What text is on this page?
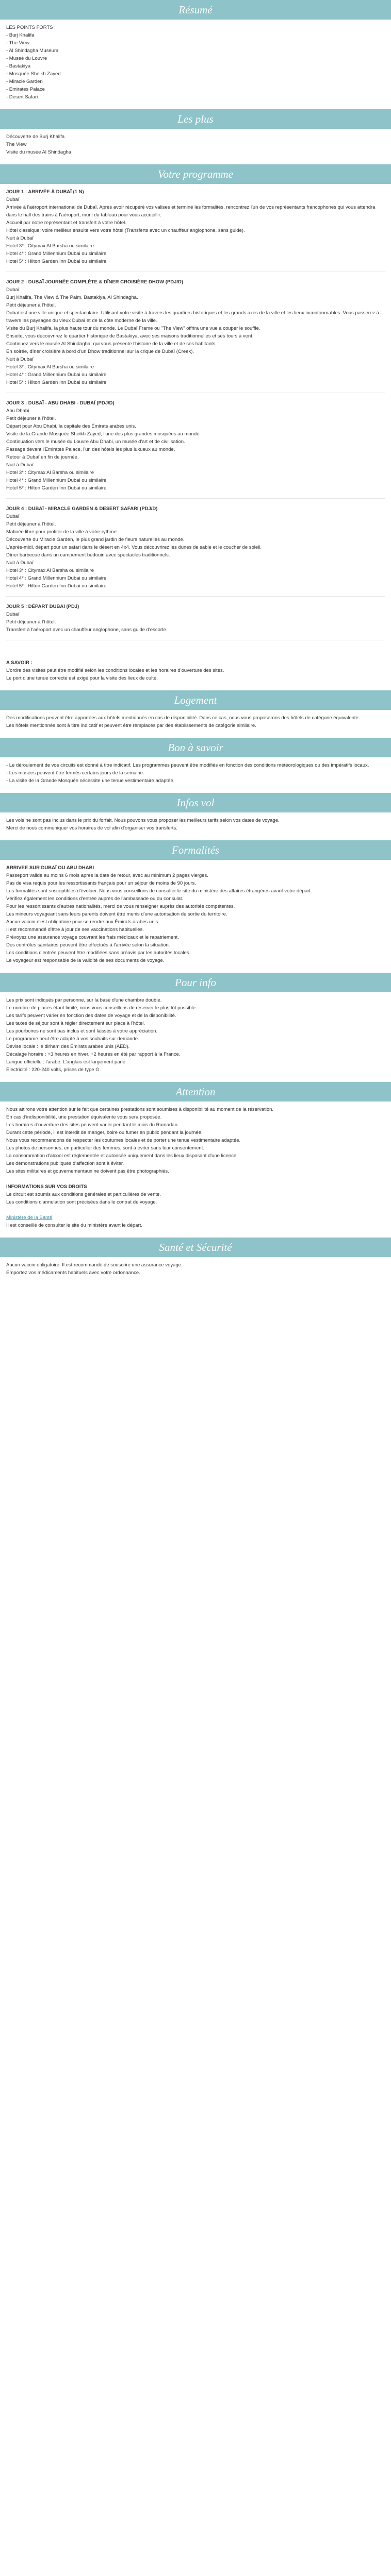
Résumé

LES POINTS FORTS :

- Burj Khalifa

- The View

- Al Shindagha Museum

- Museé du Louvre

- Bastakiya

- Mosquée Sheikh Zayed

- Miracle Garden

- Emirates Palace

- Desert Safari

Les plus

Découverte de Burj Khalifa

The View

Visite du musée Al Shindagha

Votre programme

JOUR 1 : ARRIVÉE À DUBAÏ (1 N)

Dubaï

Arrivée à l'aéroport international de Dubaï. Après avoir récupéré vos valises et terminé les formalités, rencontrez l'un de vos représentants francophones qui vous attendra dans le hall des trains à l'aéroport, muni du tableau pour vous accueillir.

Accueil par notre représentant et transfert à votre hôtel.

Hôtel classique: voire meilleur ensuite vers votre hôtel (Transferts avec un chauffeur anglophone, sans guide).

Nuit à Dubaï

Hotel 3* : Citymax Al Barsha ou similaire

Hotel 4* : Grand Millennium Dubai ou similaire

Hotel 5* : Hilton Garden Inn Dubai ou similaire

JOUR 2 : DUBAÏ JOURNÉE COMPLÈTE & DÎNER CROISIÈRE DHOW (PDJ/D)

Dubaï

Burj Khalifa, The View & The Palm, Bastakiya, Al Shindagha.

Petit déjeuner à l'hôtel.

Dubaï est une ville unique et spectaculaire. Utilisant votre visite à travers les quartiers historiques et les grands axes de la ville et les lieux incontournables. Vous passerez à travers les paysages du vieux Dubaï et de la côte moderne de la ville.

Visite du Burj Khalifa, la plus haute tour du monde. Le Dubaï Frame ou "The View" offrira une vue à couper le souffle.

Ensuite, vous découvrirez le quartier historique de Bastakiya, avec ses maisons traditionnelles et ses tours à vent.

Continuez vers le musée Al Shindagha, qui vous présente l'histoire de la ville et de ses habitants.

En soirée, dîner croisière à bord d'un Dhow traditionnel sur la crique de Dubaï (Creek).

Nuit à Dubaï

Hotel 3* : Citymax Al Barsha ou similaire

Hotel 4* : Grand Millennium Dubai ou similaire

Hotel 5* : Hilton Garden Inn Dubai ou similaire

JOUR 3 : DUBAÏ - ABU DHABI - DUBAÏ (PDJ/D)

Abu Dhabi

Petit déjeuner à l'hôtel.

Départ pour Abu Dhabi, la capitale des Émirats arabes unis.

Visite de la Grande Mosquée Sheikh Zayed, l'une des plus grandes mosquées au monde.

Continuation vers le musée du Louvre Abu Dhabi, un musée d'art et de civilisation.

Passage devant l'Emirates Palace, l'un des hôtels les plus luxueux au monde.

Retour à Dubaï en fin de journée.

Nuit à Dubaï

Hotel 3* : Citymax Al Barsha ou similaire

Hotel 4* : Grand Millennium Dubai ou similaire

Hotel 5* : Hilton Garden Inn Dubai ou similaire

JOUR 4 : DUBAÏ - MIRACLE GARDEN & DESERT SAFARI (PDJ/D)

Dubaï

Petit déjeuner à l'hôtel.

Matinée libre pour profiter de la ville à votre rythme.

Découverte du Miracle Garden, le plus grand jardin de fleurs naturelles au monde.

L'après-midi, départ pour un safari dans le désert en 4x4. Vous découvrirez les dunes de sable et le coucher de soleil.

Dîner barbecue dans un campement bédouin avec spectacles traditionnels.

Nuit à Dubaï

Hotel 3* : Citymax Al Barsha ou similaire

Hotel 4* : Grand Millennium Dubai ou similaire

Hotel 5* : Hilton Garden Inn Dubai ou similaire

JOUR 5 : DÉPART DUBAÏ (PDJ)

Dubaï

Petit déjeuner à l'hôtel.

Transfert à l'aéroport avec un chauffeur anglophone, sans guide d'escorte.

A SAVOIR :

L'ordre des visites peut être modifié selon les conditions locales et les horaires d'ouverture des sites.

Le port d'une tenue correcte est exigé pour la visite des lieux de culte.

Logement

Des modifications peuvent être apportées aux hôtels mentionnés en cas de disponibilité. Dans ce cas, nous vous proposerons des hôtels de catégorie équivalente.

Les hôtels mentionnés sont à titre indicatif et peuvent être remplacés par des établissements de catégorie similaire.

Bon à savoir

- Le déroulement de vos circuits est donné à titre indicatif. Les programmes peuvent être modifiés en fonction des conditions météorologiques ou des impératifs locaux.

- Les musées peuvent être fermés certains jours de la semaine.

- La visite de la Grande Mosquée nécessite une tenue vestimentaire adaptée.

Infos vol

Les vols ne sont pas inclus dans le prix du forfait. Nous pouvons vous proposer les meilleurs tarifs selon vos dates de voyage.

Merci de nous communiquer vos horaires de vol afin d'organiser vos transferts.

Formalités

ARRIVEE SUR DUBAÏ OU ABU DHABI

Passeport valide au moins 6 mois après la date de retour, avec au minimum 2 pages vierges.

Pas de visa requis pour les ressortissants français pour un séjour de moins de 90 jours.

Les formalités sont susceptibles d'évoluer. Nous vous conseillons de consulter le site du ministère des affaires étrangères avant votre départ.

Vérifiez également les conditions d'entrée auprès de l'ambassade ou du consulat.

Pour les ressortissants d'autres nationalités, merci de vous renseigner auprès des autorités compétentes.

Les mineurs voyageant sans leurs parents doivent être munis d'une autorisation de sortie du territoire.

Aucun vaccin n'est obligatoire pour se rendre aux Émirats arabes unis.

Il est recommandé d'être à jour de ses vaccinations habituelles.

Prévoyez une assurance voyage couvrant les frais médicaux et le rapatriement.

Des contrôles sanitaires peuvent être effectués à l'arrivée selon la situation.

Les conditions d'entrée peuvent être modifiées sans préavis par les autorités locales.

Le voyageur est responsable de la validité de ses documents de voyage.

Pour info

Les prix sont indiqués par personne, sur la base d'une chambre double.

Le nombre de places étant limité, nous vous conseillons de réserver le plus tôt possible.

Les tarifs peuvent varier en fonction des dates de voyage et de la disponibilité.

Les taxes de séjour sont à régler directement sur place à l'hôtel.

Les pourboires ne sont pas inclus et sont laissés à votre appréciation.

Le programme peut être adapté à vos souhaits sur demande.

Devise locale : le dirham des Émirats arabes unis (AED).

Décalage horaire : +3 heures en hiver, +2 heures en été par rapport à la France.

Langue officielle : l'arabe. L'anglais est largement parlé.

Électricité : 220-240 volts, prises de type G.

Attention

Nous attirons votre attention sur le fait que certaines prestations sont soumises à disponibilité au moment de la réservation.

En cas d'indisponibilité, une prestation équivalente vous sera proposée.

Les horaires d'ouverture des sites peuvent varier pendant le mois du Ramadan.

Durant cette période, il est interdit de manger, boire ou fumer en public pendant la journée.

Nous vous recommandons de respecter les coutumes locales et de porter une tenue vestimentaire adaptée.

Les photos de personnes, en particulier des femmes, sont à éviter sans leur consentement.

La consommation d'alcool est réglementée et autorisée uniquement dans les lieux disposant d'une licence.

Les démonstrations publiques d'affection sont à éviter.

Les sites militaires et gouvernementaux ne doivent pas être photographiés.

INFORMATIONS SUR VOS DROITS

Le circuit est soumis aux conditions générales et particulières de vente.

Les conditions d'annulation sont précisées dans le contrat de voyage.

Ministère de la Santé

Il est conseillé de consulter le site du ministère avant le départ.

Santé et Sécurité

Aucun vaccin obligatoire. Il est recommandé de souscrire une assurance voyage.

Emportez vos médicaments habituels avec votre ordonnance.
